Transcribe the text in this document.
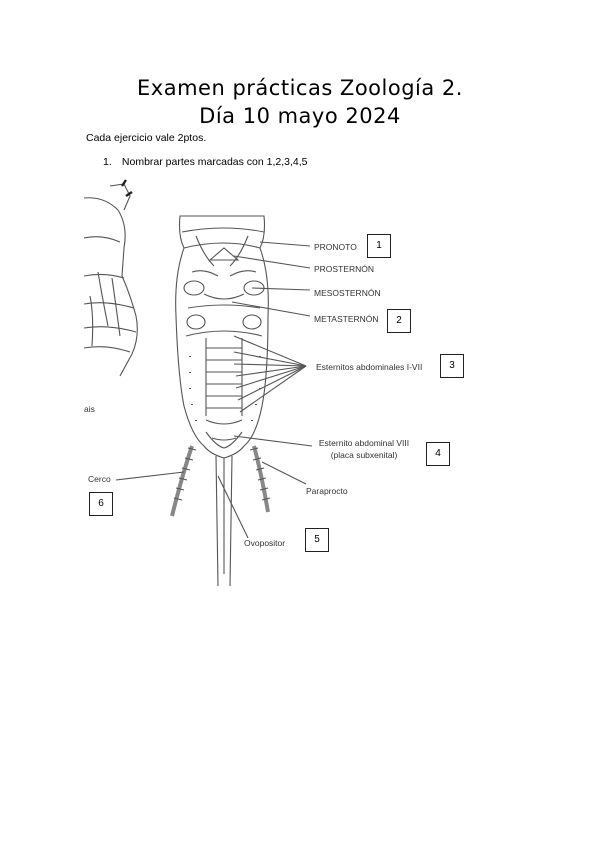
Examen prácticas Zoología 2.
Día 10 mayo 2024
Cada ejercicio vale 2ptos.
1. Nombrar partes marcadas con 1,2,3,4,5
PRONOTO
PROSTERNÓN
MESOSTERNÓN
METASTERNÓN
Esternitos abdominales I-VII
Esternito abdominal VIII
(placa subxenital)
Paraprocto
Ovopositor
Cerco
ais
1
2
3
4
5
6
